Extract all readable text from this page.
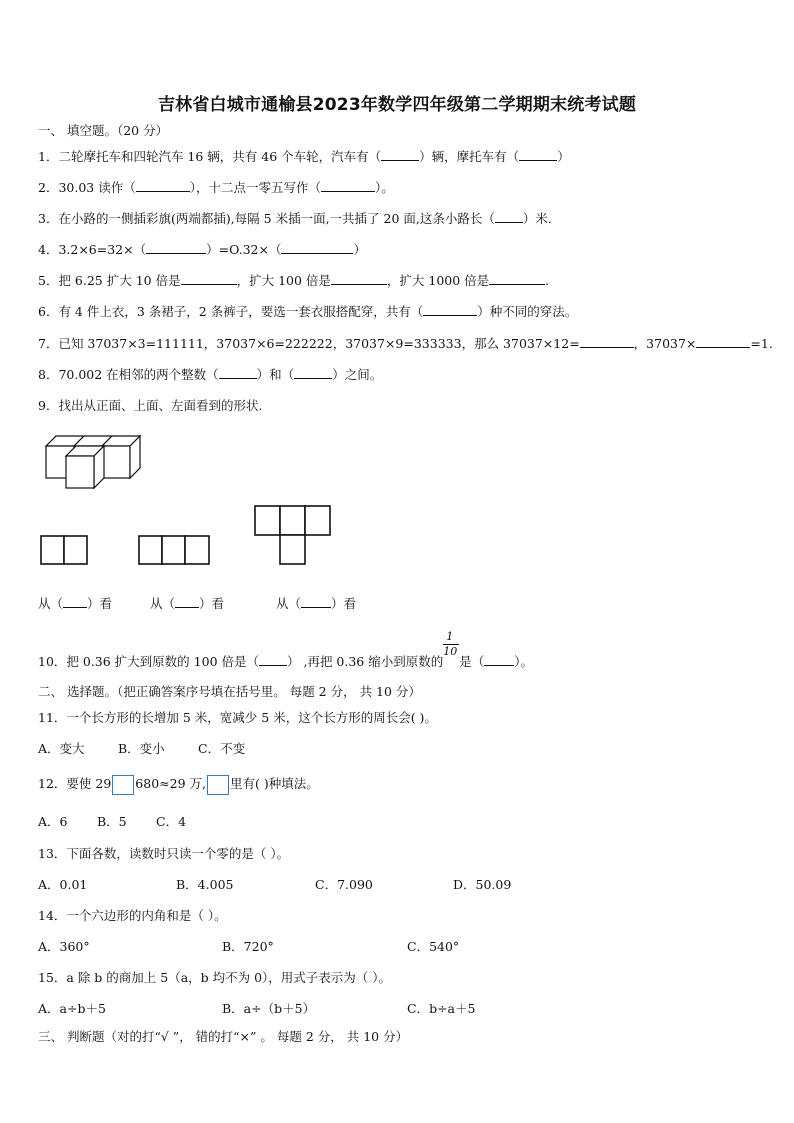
吉林省白城市通榆县2023年数学四年级第二学期期末统考试题
一、 填空题。（20 分）
1．二轮摩托车和四轮汽车 16 辆，共有 46 个车轮，汽车有（	）辆，摩托车有（	）
2．30.03 读作（	），十二点一零五写作（	）。
3．在小路的一侧插彩旗(两端都插),每隔 5 米插一面,一共插了 20 面,这条小路长（ ）米．
4．3.2×6=32×（	）=O.32×（	）
5．把 6.25 扩大 10 倍是	，扩大 100 倍是	，扩大 1000 倍是	.
6．有 4 件上衣，3 条裙子，2 条裤子，要选一套衣服搭配穿，共有（	）种不同的穿法。
7．已知 37037×3=111111，37037×6=222222，37037×9=333333，那么 37037×12=	，37037×	=1.
8．70.002 在相邻的两个整数（	）和（	）之间。
9．找出从正面、上面、左面看到的形状.
从（ ）看	从（ ）看	从（ ）看
10．把 0.36 扩大到原数的 100 倍是（ ） ,再把 0.36 缩小到原数的 $\frac{1}{10}$ 是（ ）。
二、 选择题。（把正确答案序号填在括号里。 每题 2 分， 共 10 分）
11．一个长方形的长增加 5 米，宽减少 5 米，这个长方形的周长会( )。
A．变大	B．变小	C．不变
12．要使 29 680≈29 万, 里有( )种填法。
A．6 B．5 C．4
13．下面各数，读数时只读一个零的是（ ）。
A．0.01	B．4.005	C．7.090	D．50.09
14．一个六边形的内角和是（ ）。
A．360°	B．720°	C．540°
15．a 除 b 的商加上 5（a，b 均不为 0），用式子表示为（ ）。
A．a÷b＋5	B．a÷（b＋5）	C．b÷a＋5
三、 判断题（对的打“√ ”， 错的打“×” 。 每题 2 分， 共 10 分）
